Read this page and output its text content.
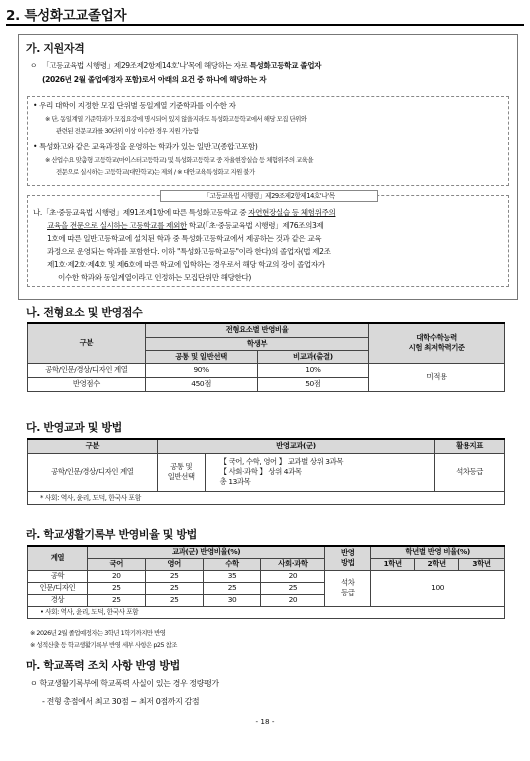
2. 특성화고교졸업자
가. 지원자격
ㅇ 「고등교육법 시행령」제29조제2항제14호'나'목에 해당하는 자로 특성화고등학교 졸업자
(2026년 2월 졸업예정자 포함)로서 아래의 요건 중 하나에 해당하는 자
• 우리 대학이 지정한 모집 단위별 동일계열 기준학과를 이수한 자
※ 단, 동일계열 기준학과가 모집요강에 명시되어 있지 않을지라도 특성화고등학교에서 해당 모집 단위와
관련된 전문교과를 30단위 이상 이수한 경우 지원 가능함
• 특성화고와 같은 교육과정을 운영하는 학과가 있는 일반고(종합고포함)
※ 산업수요 맞춤형 고등학교(마이스터고등학교) 및 특성화고등학교 중 자율현장실습 등 체험위주의 교육을
전문으로 실시하는 고등학교(대안학교)는 제외 / ※ 대안교육특성화고 지원 불가
「고등교육법 시행령」제29조제2항제14호'나'목
나.「초·중등교육법 시행령」제91조제1항에 따른 특성화고등학교 중 자연현장실습 등 체험위주의
교육을 전문으로 실시하는 고등학교를 제외한 학교(「초·중등교육법 시행령」제76조의3제
1호에 따른 일반고등학교에 설치된 학과 중 특성화고등학교에서 제공하는 것과 같은 교육
과정으로 운영되는 학과를 포함한다. 이하 "특성화고등학교등"이라 한다)의 졸업자(법 제2조
제1호·제2호·제4호 및 제6호에 따른 학교에 입학하는 경우로서 해당 학교의 장이 졸업자가
이수한 학과와 동일계열이라고 인정하는 모집단위만 해당한다)
나. 전형요소 및 반영점수
구분	전형요소별 반영비율		대학수학능력
시험 최저학력기준
	학생부		
	공통 및 일반선택	비교과(출결)	
공학/인문/경상/디자인 계열	90%	10%	미적용
반영점수	450점	50점	
다. 반영교과 및 방법
구분	반영교과(군)		활용지표
공학/인문/경상/디자인 계열	공통 및
일반선택	【 국어, 수학, 영어 】 교과별 상위 3과목
【 사회·과학 】 상위 4과목
총 13과목	석차등급
* 사회: 역사, 윤리, 도덕, 한국사 포함			
라. 학교생활기록부 반영비율 및 방법
계열	교과(군) 반영비율(%)				반영
방법	학년별 반영 비율(%)		
	국어	영어	수학	사회·과학		1학년	2학년	3학년
공학	20	25	35	20	석차
등급	100		
인문/디자인	25	25	25	25				
경상	25	25	30	20				
• 사회: 역사, 윤리, 도덕, 한국사 포함								
※ 2026년 2월 졸업예정자는 3학년 1학기까지만 반영
※ 성적산출 등 학교생활기록부 반영 세부 사항은 p25 참조
마. 학교폭력 조치 사항 반영 방법
ㅇ 학교생활기록부에 학교폭력 사실이 있는 경우 정량평가
- 전형 총점에서 최고 30점 ~ 최저 0점까지 감점
- 18 -
